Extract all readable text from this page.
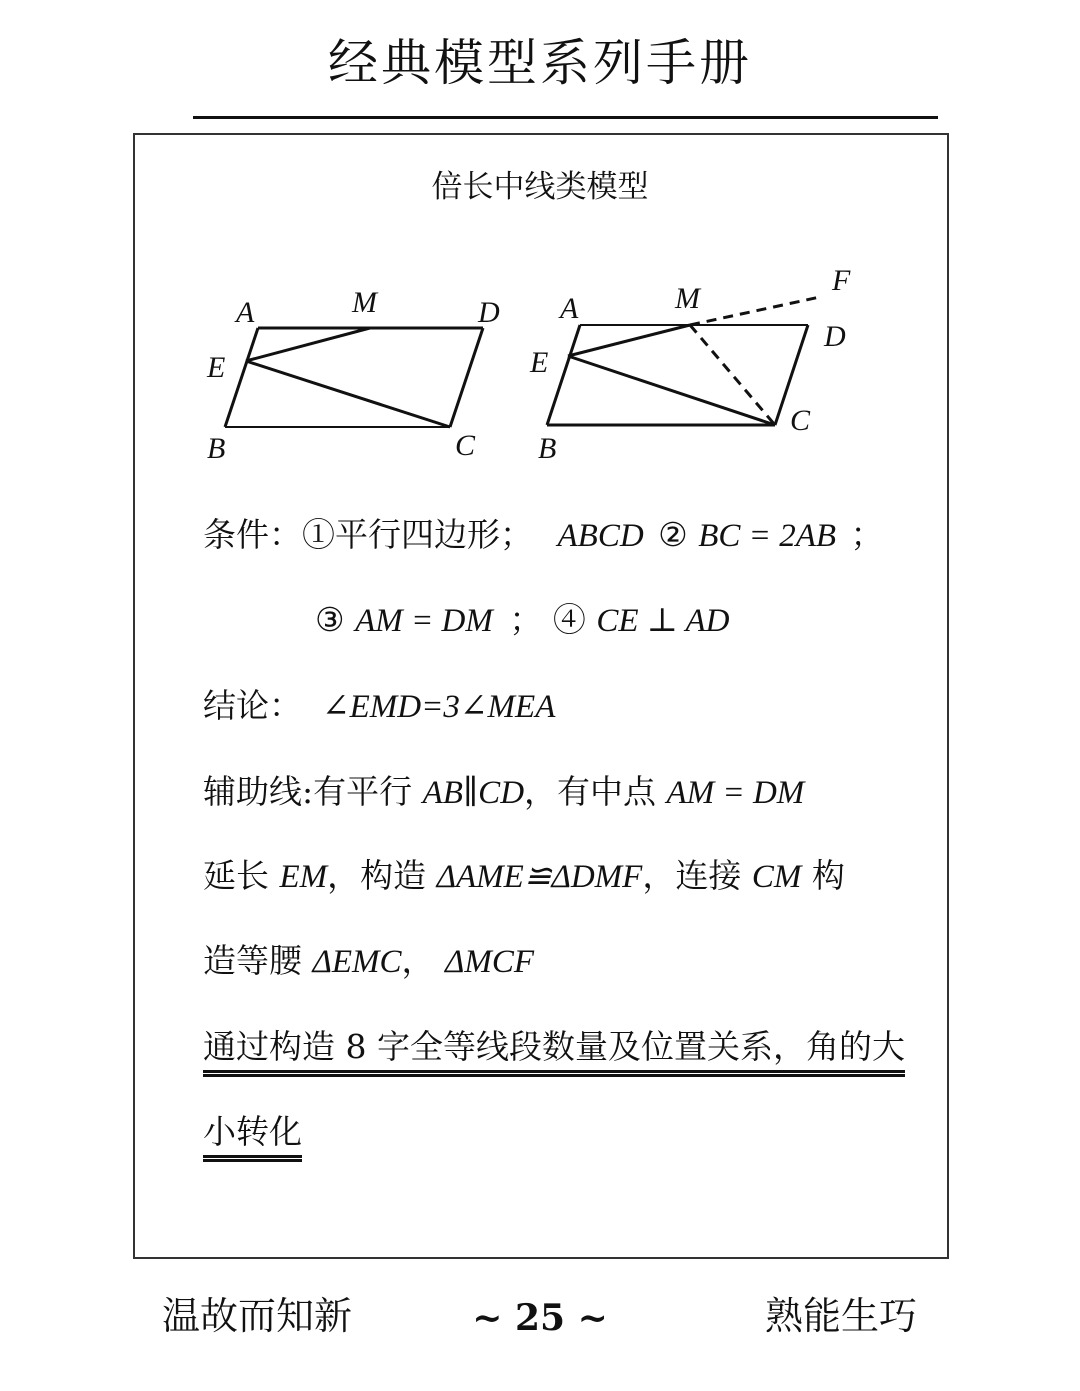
经典模型系列手册
倍长中线类模型
A	M	D
E
B	C
A	M
F
D
E
B
C
条件：①平行四边形； ABCD ② BC = 2AB ；
③ AM = DM ； ④ CE ⊥ AD
结论： ∠EMD=3∠MEA
辅助线:有平行 AB∥CD，有中点 AM = DM
延长 EM，构造 ΔAME≌ΔDMF，连接 CM 构
造等腰 ΔEMC， ΔMCF
通过构造 8 字全等线段数量及位置关系，角的大
小转化
温故而知新	~ 25 ~	熟能生巧
